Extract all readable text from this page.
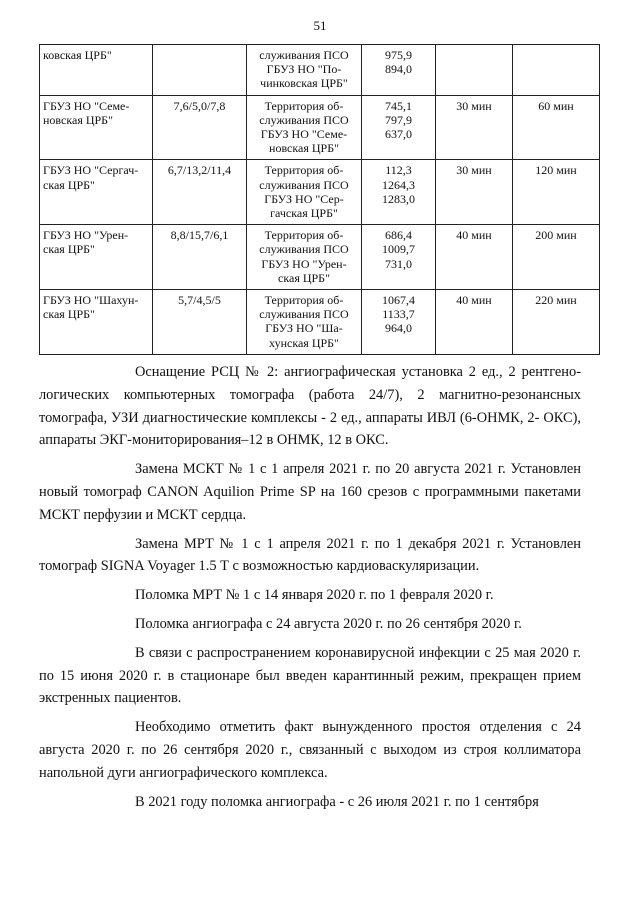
51
ковская ЦРБ"		служивания ПСО
ГБУЗ НО "По-
чинковская ЦРБ"	975,9
894,0		
ГБУЗ НО "Семе-
новская ЦРБ"	7,6/5,0/7,8	Территория об-
служивания ПСО
ГБУЗ НО "Семе-
новская ЦРБ"	745,1
797,9
637,0	30 мин	60 мин
ГБУЗ НО "Сергач-
ская ЦРБ"	6,7/13,2/11,4	Территория об-
служивания ПСО
ГБУЗ НО "Сер-
гачская ЦРБ"	112,3
1264,3
1283,0	30 мин	120 мин
ГБУЗ НО "Урен-
ская ЦРБ"	8,8/15,7/6,1	Территория об-
служивания ПСО
ГБУЗ НО "Урен-
ская ЦРБ"	686,4
1009,7
731,0	40 мин	200 мин
ГБУЗ НО "Шахун-
ская ЦРБ"	5,7/4,5/5	Территория об-
служивания ПСО
ГБУЗ НО "Ша-
хунская ЦРБ"	1067,4
1133,7
964,0	40 мин	220 мин

Оснащение РСЦ № 2: ангиографическая установка 2 ед., 2 рентгено-логических компьютерных томографа (работа 24/7), 2 магнитно-резонансных томографа, УЗИ диагностические комплексы - 2 ед., аппараты ИВЛ (6-ОНМК, 2- ОКС), аппараты ЭКГ-мониторирования–12 в ОНМК, 12 в ОКС.

Замена МСКТ № 1 с 1 апреля 2021 г. по 20 августа 2021 г. Установлен новый томограф CANON Aquilion Prime SP на 160 срезов с программными пакетами МСКТ перфузии и МСКТ сердца.

Замена МРТ № 1 с 1 апреля 2021 г. по 1 декабря 2021 г. Установлен томограф SIGNA Voyager 1.5 Т с возможностью кардиоваскуляризации.

Поломка МРТ № 1 с 14 января 2020 г. по 1 февраля 2020 г.

Поломка ангиографа с 24 августа 2020 г. по 26 сентября 2020 г.

В связи с распространением коронавирусной инфекции с 25 мая 2020 г. по 15 июня 2020 г. в стационаре был введен карантинный режим, прекращен прием экстренных пациентов.

Необходимо отметить факт вынужденного простоя отделения с 24 августа 2020 г. по 26 сентября 2020 г., связанный с выходом из строя коллиматора напольной дуги ангиографического комплекса.

В 2021 году поломка ангиографа - с 26 июля 2021 г. по 1 сентября
